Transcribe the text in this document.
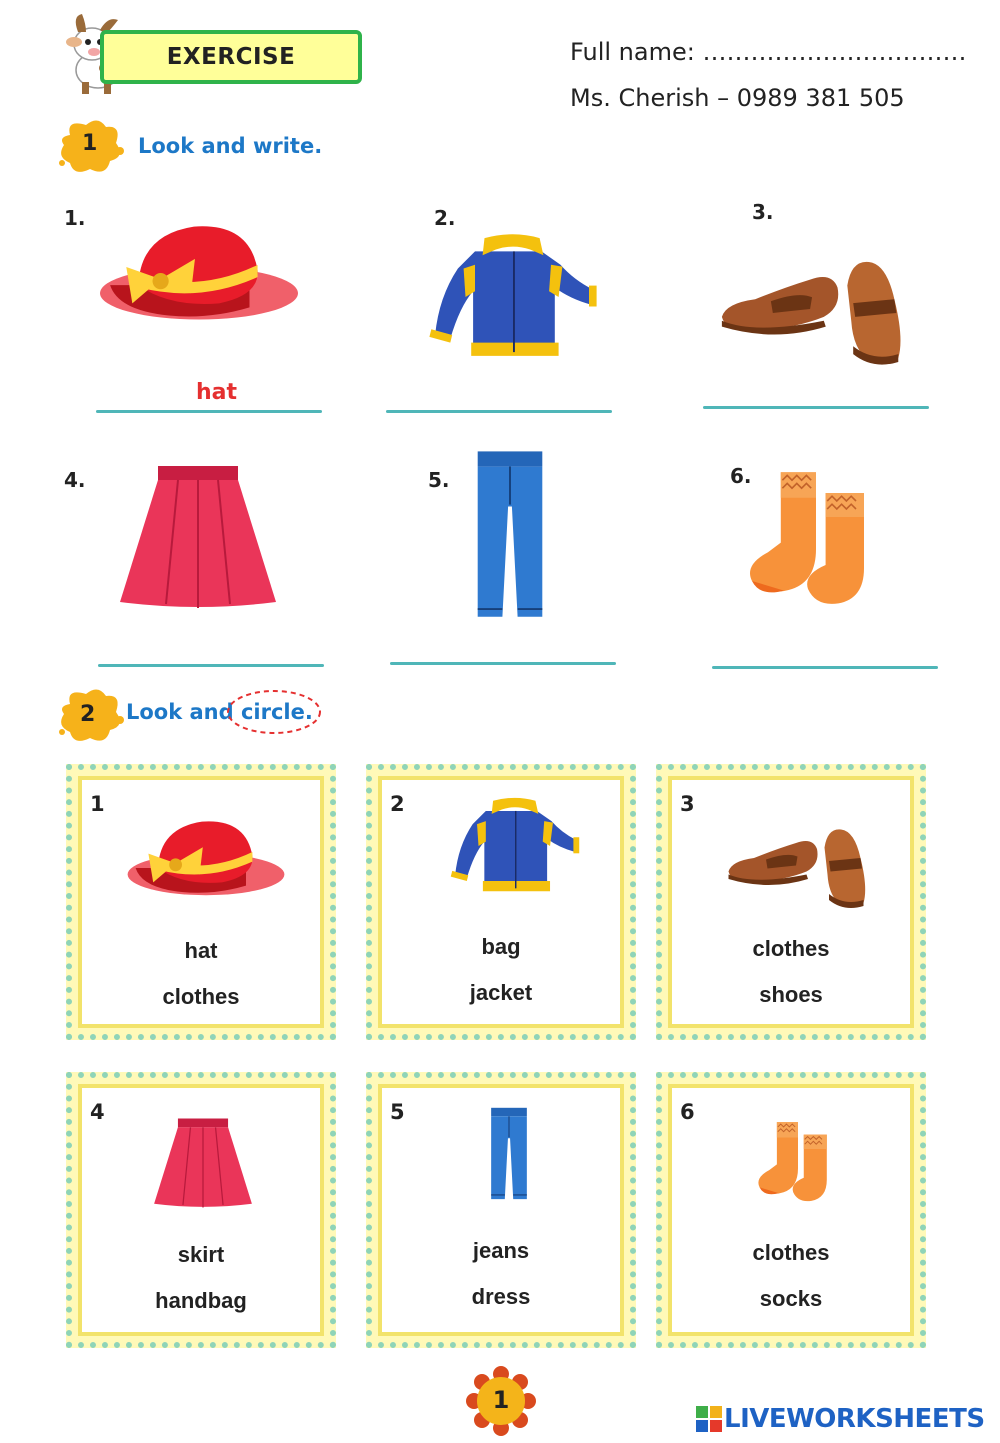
EXERCISE	Full name: ……………………………
Ms. Cherish – 0989 381 505
1 Look and write.
1.
hat
2.	3.
4.	5.	6.
2 Look and circle.
1
hat
clothes
2
bag
jacket
3
clothes
shoes
4
skirt
handbag
5
jeans
dress
6
clothes
socks
1
LIVEWORKSHEETS
